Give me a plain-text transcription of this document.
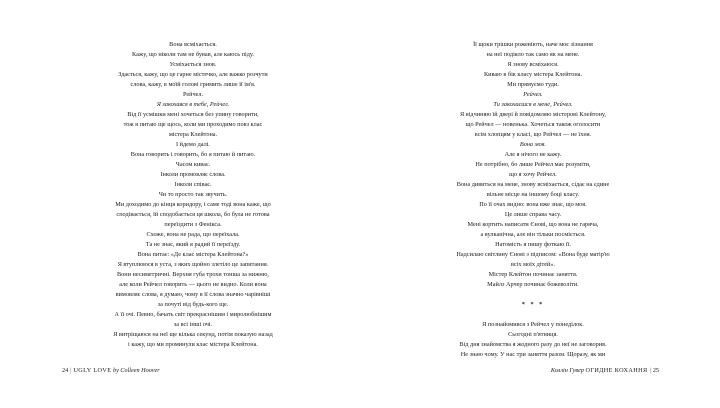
Вона всміхається.
Кажу, що ніколи там не бував, але каюсь піду.
Усміхається знов.
Здається, кажу, що це гарне містечко, але важко розчути
слова, кажу, в моїй голові гримить лише її ім'я.
Рейчел.
Я закохався в тебе, Рейчел.
Від її усмішки мені хочеться без упину говорити,
тож я питаю ще щось, коли ми проходимо повз клас
містера Клейтона.
І йдемо далі.
Вона говорить і говорить, бо я питаю й питаю.
Часом киває.
Інколи промовляє слова.
Інколи співає.
Чи то просто так звучить.
Ми доходимо до кінця коридору, і саме тоді вона каже, що
сподівається, їй сподобається ця школа, бо була не готова
переїздити з Фенікса.
Схоже, вона не рада, що переїхала.
Та не знає, який я радий її переїзду.
Вона питає: «Де клас містера Клейтона?»
Я втуплююся в уста, з яких щойно злетіло це запитання.
Вони несиметричні. Верхня губа трохи тонша за нижню,
але коли Рейчел говорить — цього не видно. Коли вона
вимовляє слова, я думаю, чому в її слова значно чарівніші
за почуті від будь-кого ще.
А її очі. Певно, бачать світ прекраснішим і миролюбнішим
за всі інші очі.
Я витріщаюся на неї ще кілька секунд, потім показую назад
і кажу, що ми проминули клас містера Клейтона.
24 | UGLY LOVE by Colleen Hoover
Її щоки трішки рожевіють, наче моє зізнання
на неї подіяло так само як на мене.
Я знову всміхаюся.
Киваю в бік класу містера Клейтона.
Ми прямуємо туди.
Рейчел.
Ти закохаєшся в мене, Рейчел.
Я відчиняю їй двері й повідомляю містерові Клейтону,
що Рейчел — новенька. Хочеться також оголосити
всім хлопцям у класі, що Рейчел — не їхня.
Вона моя.
Але я нічого не кажу.
Не потрібно, бо лише Рейчел має розуміти,
що я хочу Рейчел.
Вона дивиться на мене, знову всміхається, сідає на єдине
вільне місце на іншому боці класу.
По її очах видно: вона вже знає, що моя.
Це лише справа часу.
Мені кортить написати Єнові, що вона не гаряча,
а вулканічна, але він тільки посміється.
Натомість я пишу фоткаю її.
Надсилаю світлину Єнові з підписом: «Вона буде матір'ю
всіх моїх дітей».
Містер Клейтон починає заняття.
Майлз Арчер починає божеволіти.

* * *

Я познайомився з Рейчел у понеділок.
Сьогодні п'ятниця.
Від дня знайомства я жодного разу до неї не заговорив.
Не знаю чому. У нас три заняття разом. Щоразу, як ми
Коллін Гувер ОГИДНЕ КОХАННЯ | 25
